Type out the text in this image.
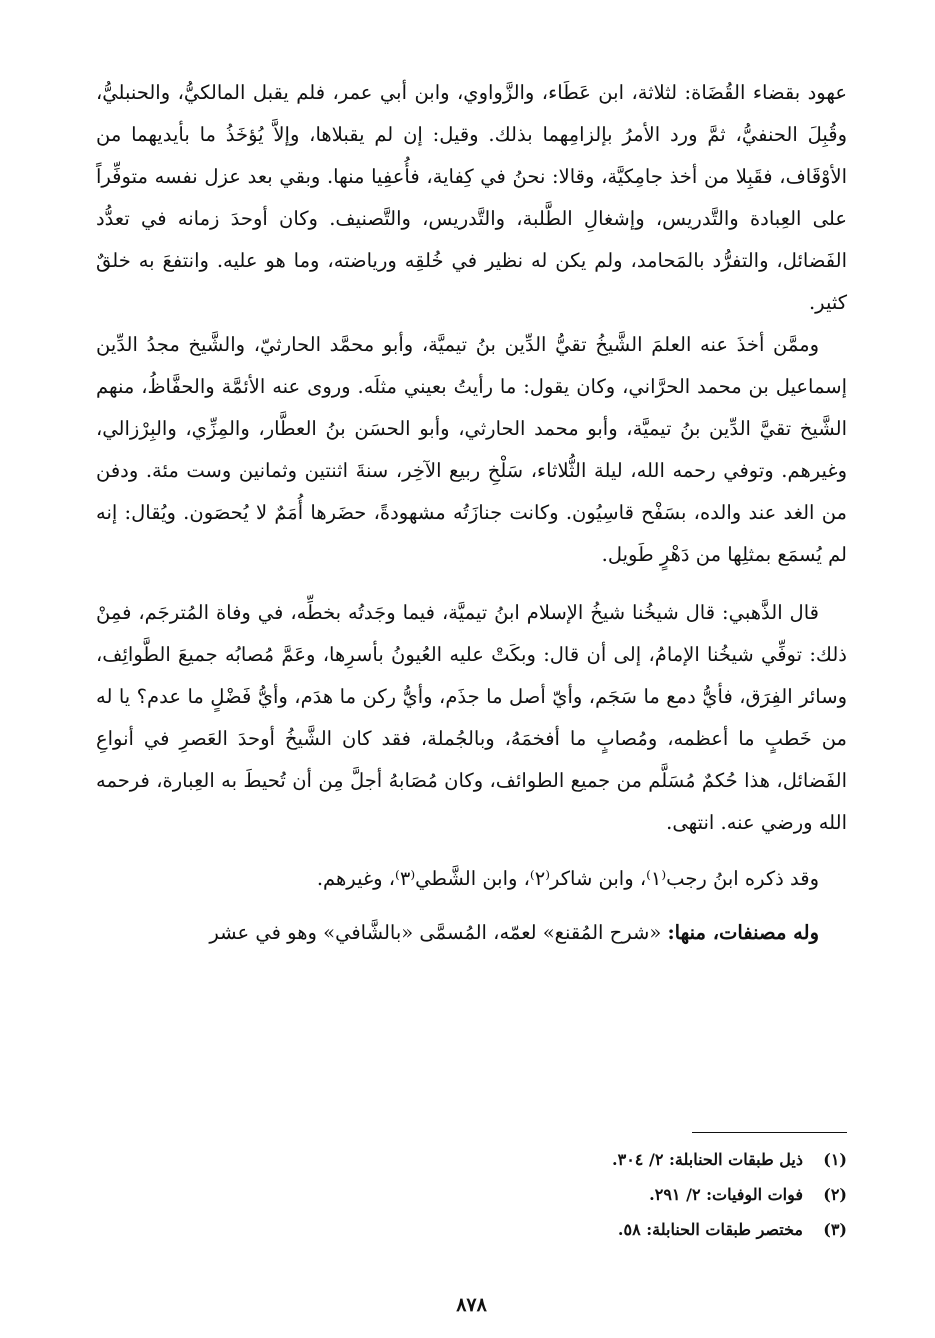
عهود بقضاء القُضَاة: لثلاثة، ابن عَطَاء، والزَّواوي، وابن أبي عمر، فلم يقبل المالكيُّ، والحنبليُّ، وقُبِلَ الحنفيُّ، ثمَّ ورد الأمرُ بإلزامِهما بذلك. وقيل: إن لم يقبلاها، وإلاَّ يُؤخَذُ ما بأيديهما من الأوْقَاف، فقَبِلا من أخذ جامِكيَّة، وقالا: نحنُ في كِفاية، فأُعفِيا منها. وبقي بعد عزل نفسه متوفِّراً على العِبادة والتَّدريس، وإشغالِ الطَّلبة، والتَّدريس، والتَّصنيف. وكان أوحدَ زمانه في تعدُّد الفَضائل، والتفرُّد بالمَحامد، ولم يكن له نظير في خُلقِه ورياضته، وما هو عليه. وانتفعَ به خلقٌ كثير.

وممَّن أخذَ عنه العلمَ الشَّيخُ تقيُّ الدِّين بنُ تيميَّة، وأبو محمَّد الحارثيّ، والشَّيخ مجدُ الدِّين إسماعيل بن محمد الحرَّاني، وكان يقول: ما رأيتُ بعيني مثلَه. وروى عنه الأئمَّة والحفَّاظُ، منهم الشَّيخ تقيَّ الدِّين بنُ تيميَّة، وأبو محمد الحارثي، وأبو الحسَن بنُ العطَّار، والمِزِّي، والبِرْزالي، وغيرهم. وتوفي رحمه الله، ليلة الثُّلاثاء، سَلْخِ ربيع الآخِر، سنةَ اثنتين وثمانين وست مئة. ودفن من الغد عند والده، بسَفْح قاسِيُون. وكانت جنازَتُه مشهودةً، حضَرها أُمَمٌ لا يُحصَون. ويُقال: إنه لم يُسمَع بمثلِها من دَهْرٍ طَويل.

قال الذَّهبي: قال شيخُنا شيخُ الإسلام ابنُ تيميَّة، فيما وجَدتُه بخطِّه، في وفاة المُترجَم، فمِنْ ذلك: توفِّي شيخُنا الإمامُ، إلى أن قال: وبكَتْ عليه العُيونُ بأسرِها، وعَمَّ مُصابُه جميعَ الطَّوائِف، وسائر الفِرَق، فأيُّ دمع ما سَجَم، وأيّ أصل ما جذَم، وأيُّ ركن ما هدَم، وأيُّ فَضْلٍ ما عدم؟ يا له من خَطبٍ ما أعظمه، ومُصابٍ ما أفخمَهُ، وبالجُملة، فقد كان الشَّيخُ أوحدَ العَصرِ في أنواعِ الفَضائل، هذا حُكمٌ مُسَلَّم من جميع الطوائف، وكان مُصَابهُ أجلَّ مِن أن تُحيطَ به العِبارة، فرحمه الله ورضي عنه. انتهى.

وقد ذكره ابنُ رجب⁽١⁾، وابن شاكر⁽٢⁾، وابن الشَّطي⁽٣⁾، وغيرهم.

وله مصنفات، منها: «شرح المُقنع» لعمّه، المُسمَّى «بالشَّافي» وهو في عشر

(١)
ذيل طبقات الحنابلة: ٢/ ٣٠٤.
(٢)
فوات الوفيات: ٢/ ٢٩١.
(٣)
مختصر طبقات الحنابلة: ٥٨.
٨٧٨
